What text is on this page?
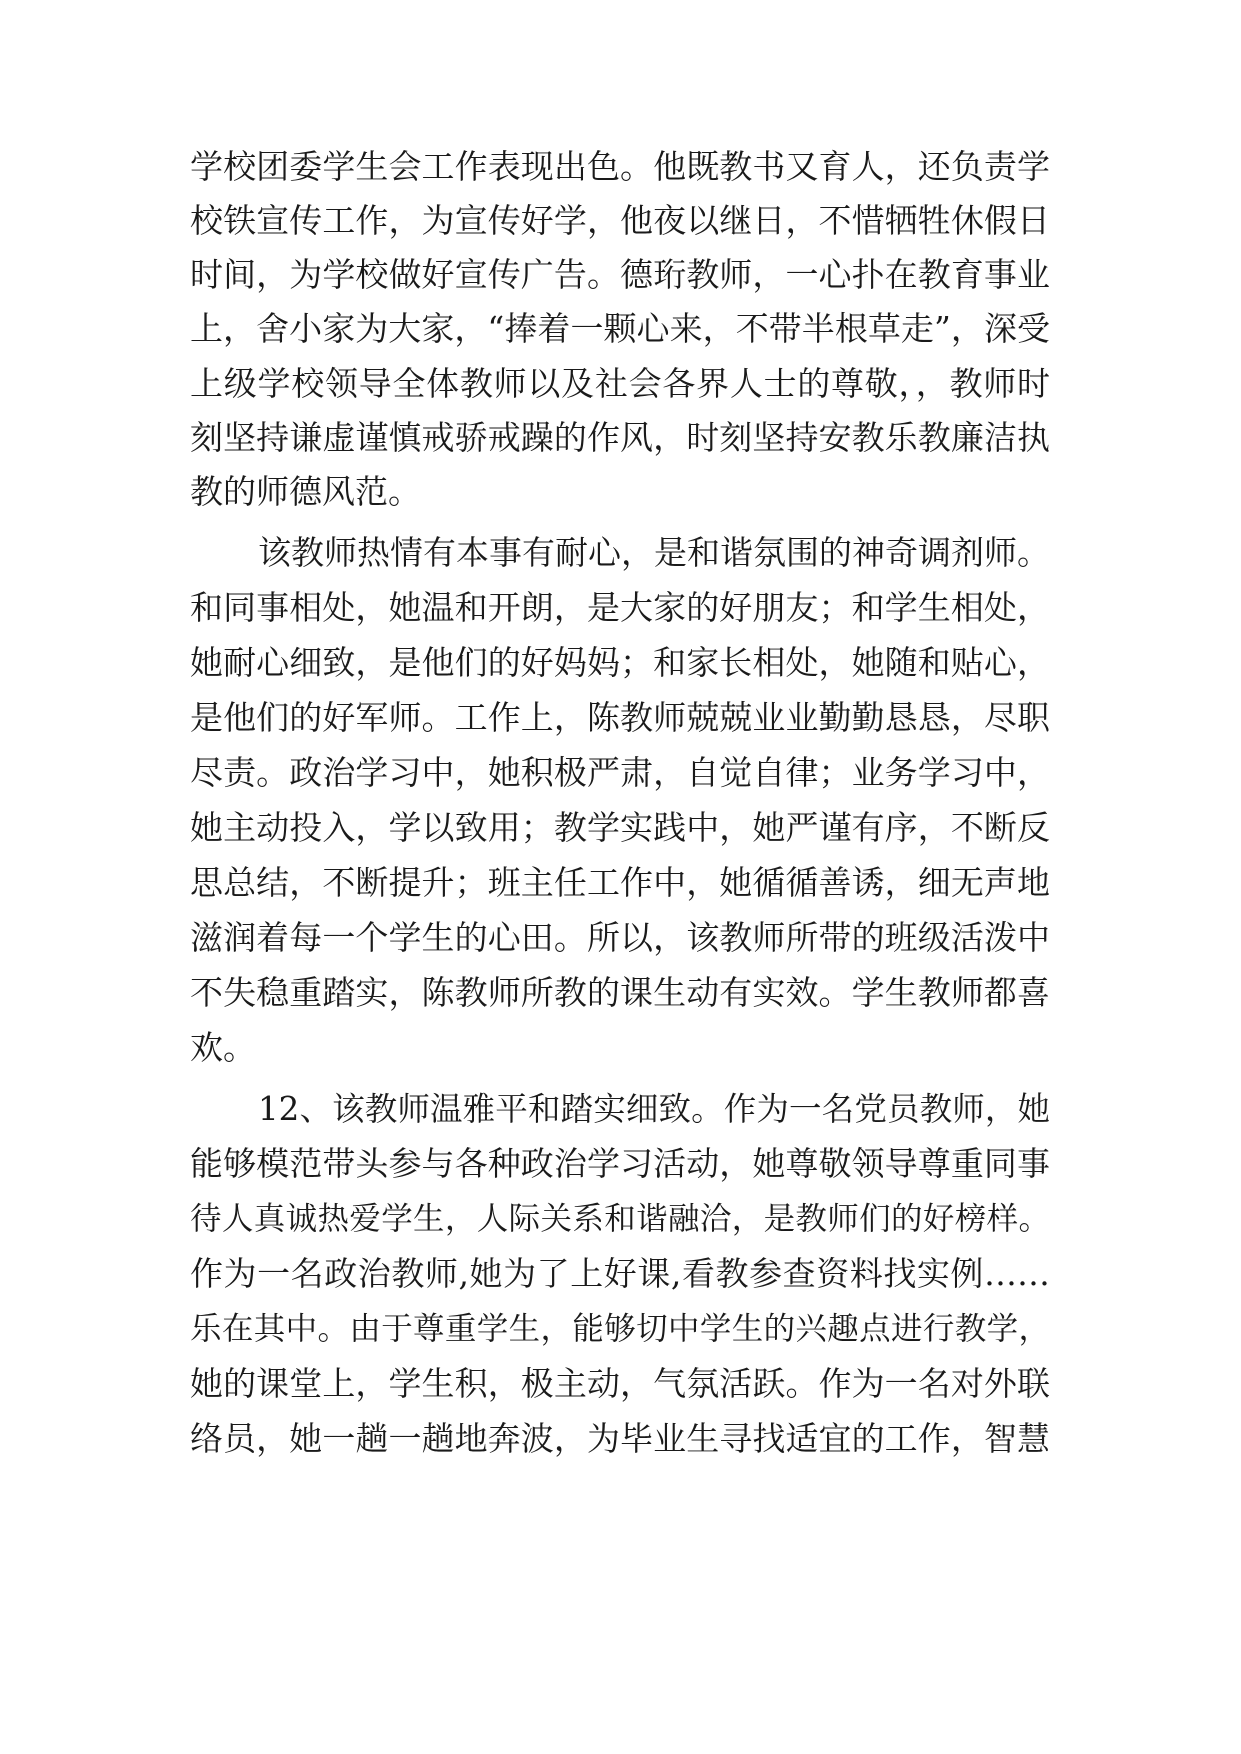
学校团委学生会工作表现出色。他既教书又育人，还负责学
校铁宣传工作，为宣传好学，他夜以继日，不惜牺牲休假日
时间，为学校做好宣传广告。德珩教师，一心扑在教育事业
上，舍小家为大家，“捧着一颗心来，不带半根草走”，深受
上级学校领导全体教师以及社会各界人士的尊敬，，教师时
刻坚持谦虚谨慎戒骄戒躁的作风，时刻坚持安教乐教廉洁执
教的师德风范。
该教师热情有本事有耐心，是和谐氛围的神奇调剂师。
和同事相处，她温和开朗，是大家的好朋友；和学生相处，
她耐心细致，是他们的好妈妈；和家长相处，她随和贴心，
是他们的好军师。工作上，陈教师兢兢业业勤勤恳恳，尽职
尽责。政治学习中，她积极严肃，自觉自律；业务学习中，
她主动投入，学以致用；教学实践中，她严谨有序，不断反
思总结，不断提升；班主任工作中，她循循善诱，细无声地
滋润着每一个学生的心田。所以，该教师所带的班级活泼中
不失稳重踏实，陈教师所教的课生动有实效。学生教师都喜
欢。
12、该教师温雅平和踏实细致。作为一名党员教师，她
能够模范带头参与各种政治学习活动，她尊敬领导尊重同事
待人真诚热爱学生，人际关系和谐融洽，是教师们的好榜样。
作为一名政治教师,她为了上好课,看教参查资料找实例……
乐在其中。由于尊重学生，能够切中学生的兴趣点进行教学，
她的课堂上，学生积，极主动，气氛活跃。作为一名对外联
络员，她一趟一趟地奔波，为毕业生寻找适宜的工作，智慧
